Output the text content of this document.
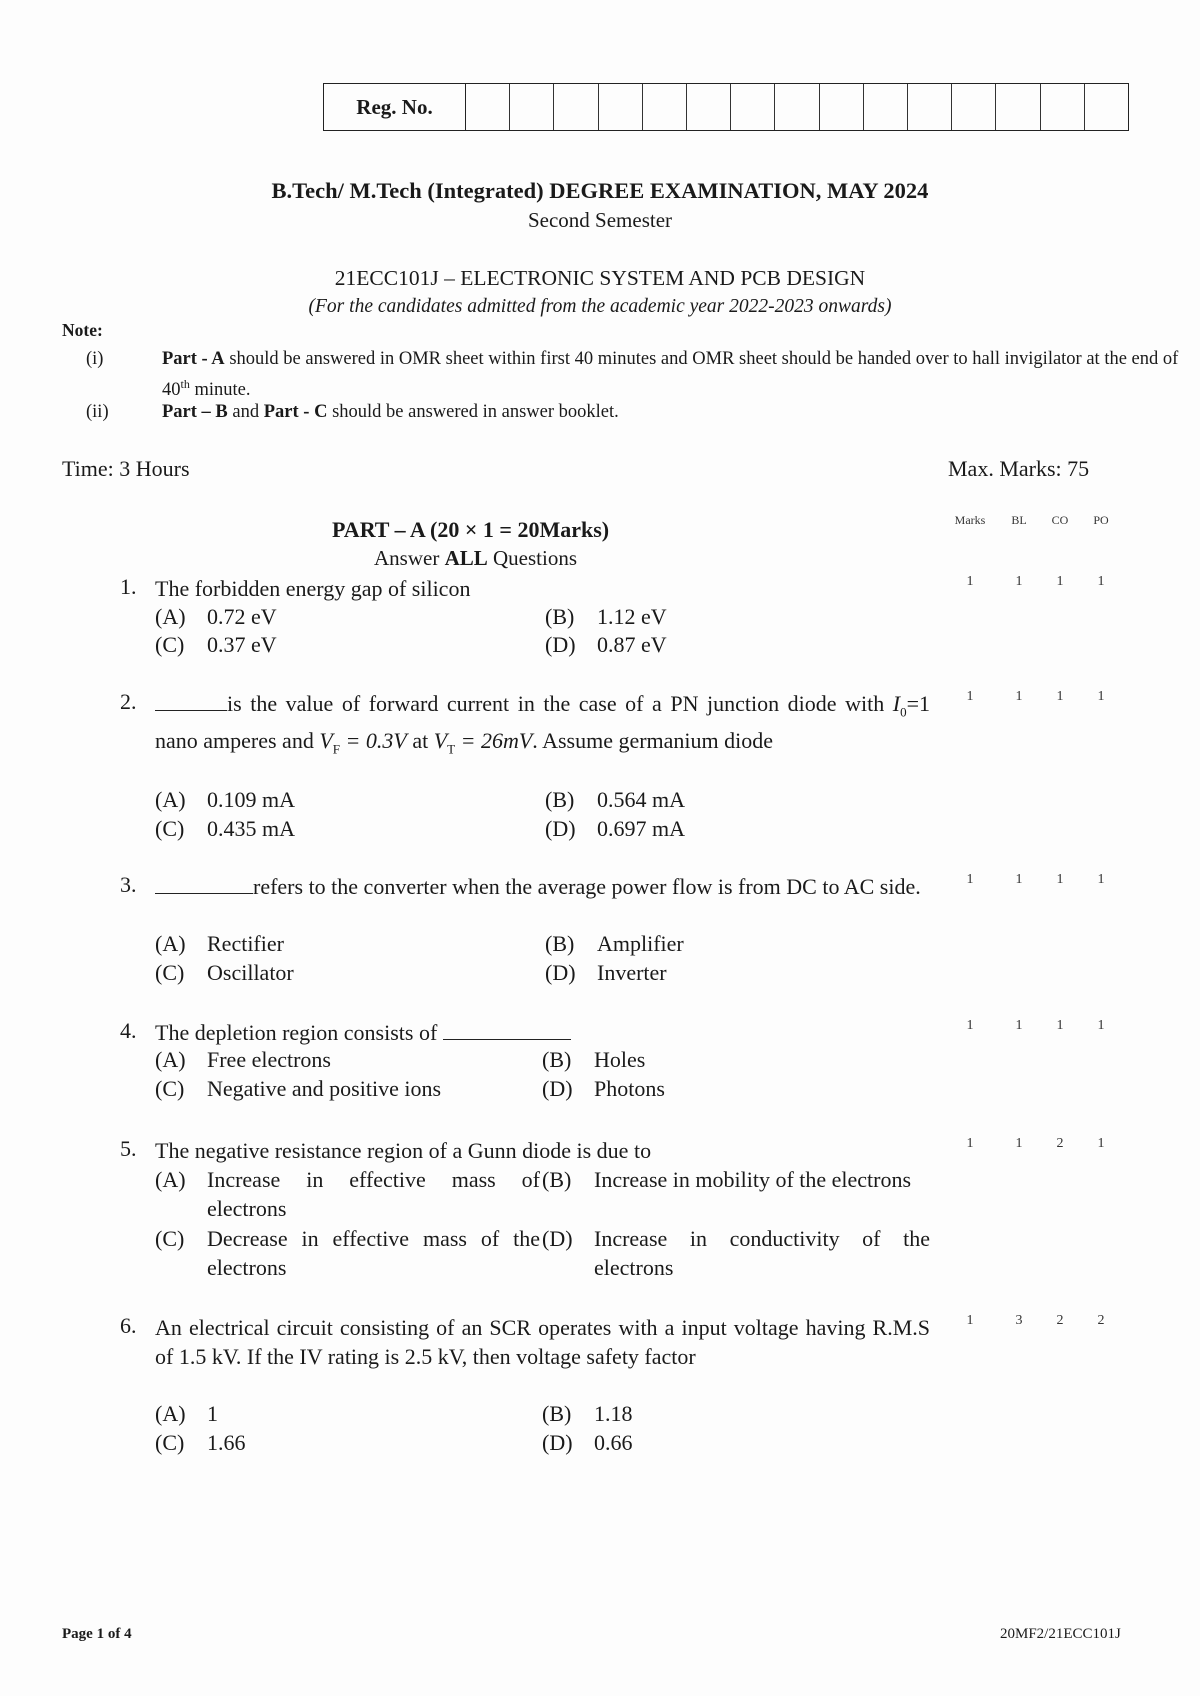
Reg. No.
B.Tech/ M.Tech (Integrated) DEGREE EXAMINATION, MAY 2024
Second Semester
21ECC101J – ELECTRONIC SYSTEM AND PCB DESIGN
(For the candidates admitted from the academic year 2022-2023 onwards)
Note:
(i)	Part - A should be answered in OMR sheet within first 40 minutes and OMR sheet should be handed over to hall invigilator at the end of 40th minute.
(ii)	Part – B and Part - C should be answered in answer booklet.
Time: 3 Hours	Max. Marks: 75
PART – A (20 × 1 = 20Marks)
Answer ALL Questions
Marks	BL	CO	PO
1. The forbidden energy gap of silicon	1	1	1	1
(A) 0.72 eV	(B) 1.12 eV
(C) 0.37 eV	(D) 0.87 eV
2.	is the value of forward current in the case of a PN junction diode with $I_0=1$ nano amperes and $V_F = 0.3V$ at $V_T = 26mV$. Assume germanium diode
1	1	1	1
(A) 0.109 mA	(B) 0.564 mA
(C) 0.435 mA	(D) 0.697 mA
3.	refers to the converter when the average power flow is from DC to AC side.	1	1	1	1
(A) Rectifier	(B) Amplifier
(C) Oscillator	(D) Inverter
4. The depletion region consists of	1	1	1	1
(A) Free electrons	(B) Holes
(C) Negative and positive ions	(D) Photons
5. The negative resistance region of a Gunn diode is due to	1	1	2	1
(A) Increase in effective mass of electrons
(B)	Increase in mobility of the electrons
(C)	Decrease in effective mass of the electrons
(D) Increase in conductivity of the electrons
6. An electrical circuit consisting of an SCR operates with a input voltage having R.M.S of 1.5 kV. If the IV rating is 2.5 kV, then voltage safety factor
1	3	2	2
(A) 1	(B) 1.18
(C) 1.66	(D) 0.66
Page 1 of 4	20MF2/21ECC101J
